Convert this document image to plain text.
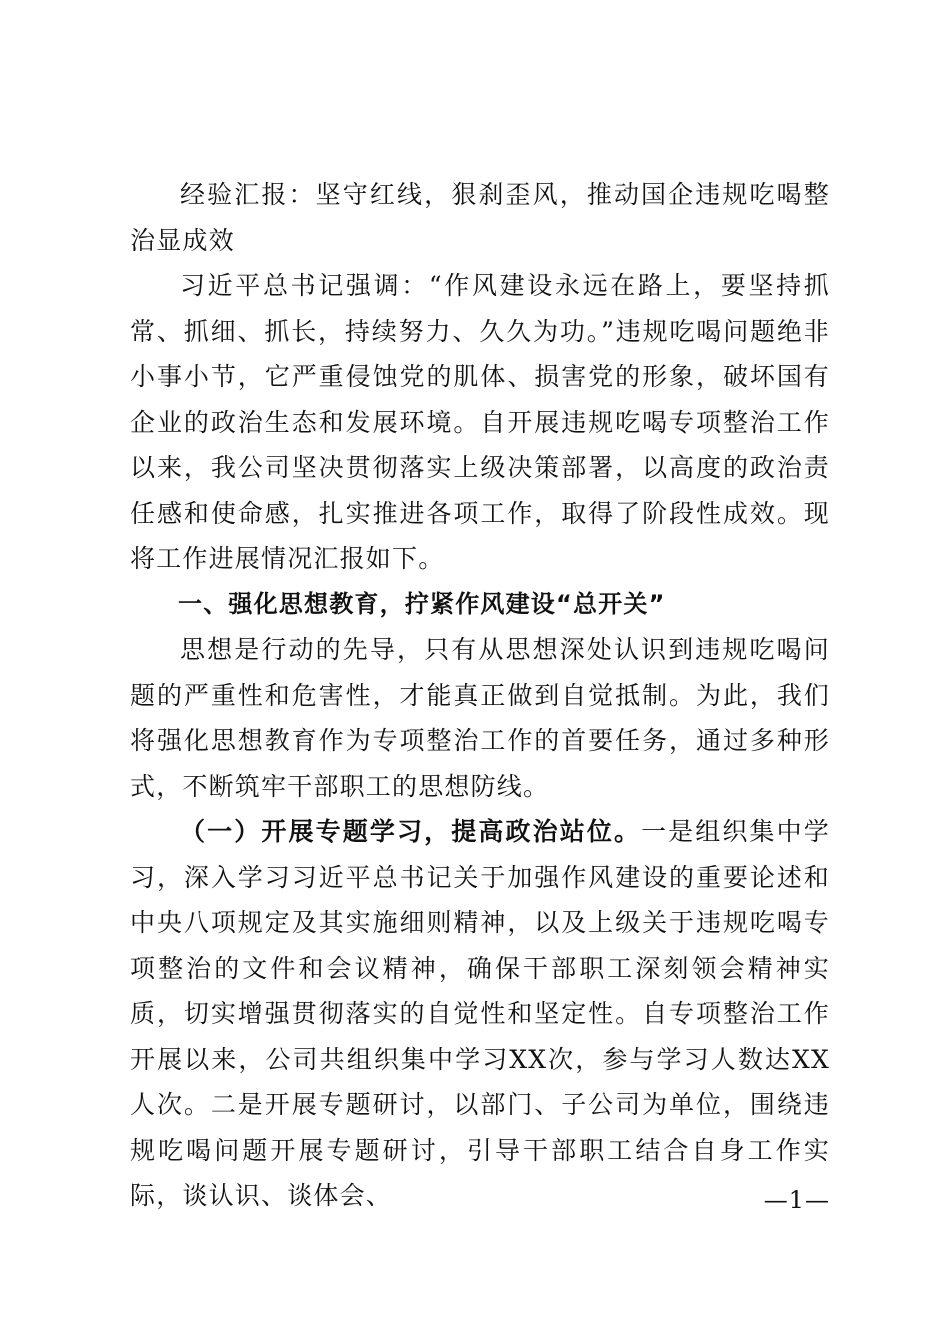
经验汇报：坚守红线，狠刹歪风，推动国企违规吃喝整治显成效

习近平总书记强调：“作风建设永远在路上，要坚持抓常、抓细、抓长，持续努力、久久为功。”违规吃喝问题绝非小事小节，它严重侵蚀党的肌体、损害党的形象，破坏国有企业的政治生态和发展环境。自开展违规吃喝专项整治工作以来，我公司坚决贯彻落实上级决策部署，以高度的政治责任感和使命感，扎实推进各项工作，取得了阶段性成效。现将工作进展情况汇报如下。

一、强化思想教育，拧紧作风建设“总开关”

思想是行动的先导，只有从思想深处认识到违规吃喝问题的严重性和危害性，才能真正做到自觉抵制。为此，我们将强化思想教育作为专项整治工作的首要任务，通过多种形式，不断筑牢干部职工的思想防线。

（一）开展专题学习，提高政治站位。一是组织集中学习，深入学习习近平总书记关于加强作风建设的重要论述和中央八项规定及其实施细则精神，以及上级关于违规吃喝专项整治的文件和会议精神，确保干部职工深刻领会精神实质，切实增强贯彻落实的自觉性和坚定性。自专项整治工作开展以来，公司共组织集中学习XX次，参与学习人数达XX人次。二是开展专题研讨，以部门、子公司为单位，围绕违规吃喝问题开展专题研讨，引导干部职工结合自身工作实际，谈认识、谈体会、	—1—
